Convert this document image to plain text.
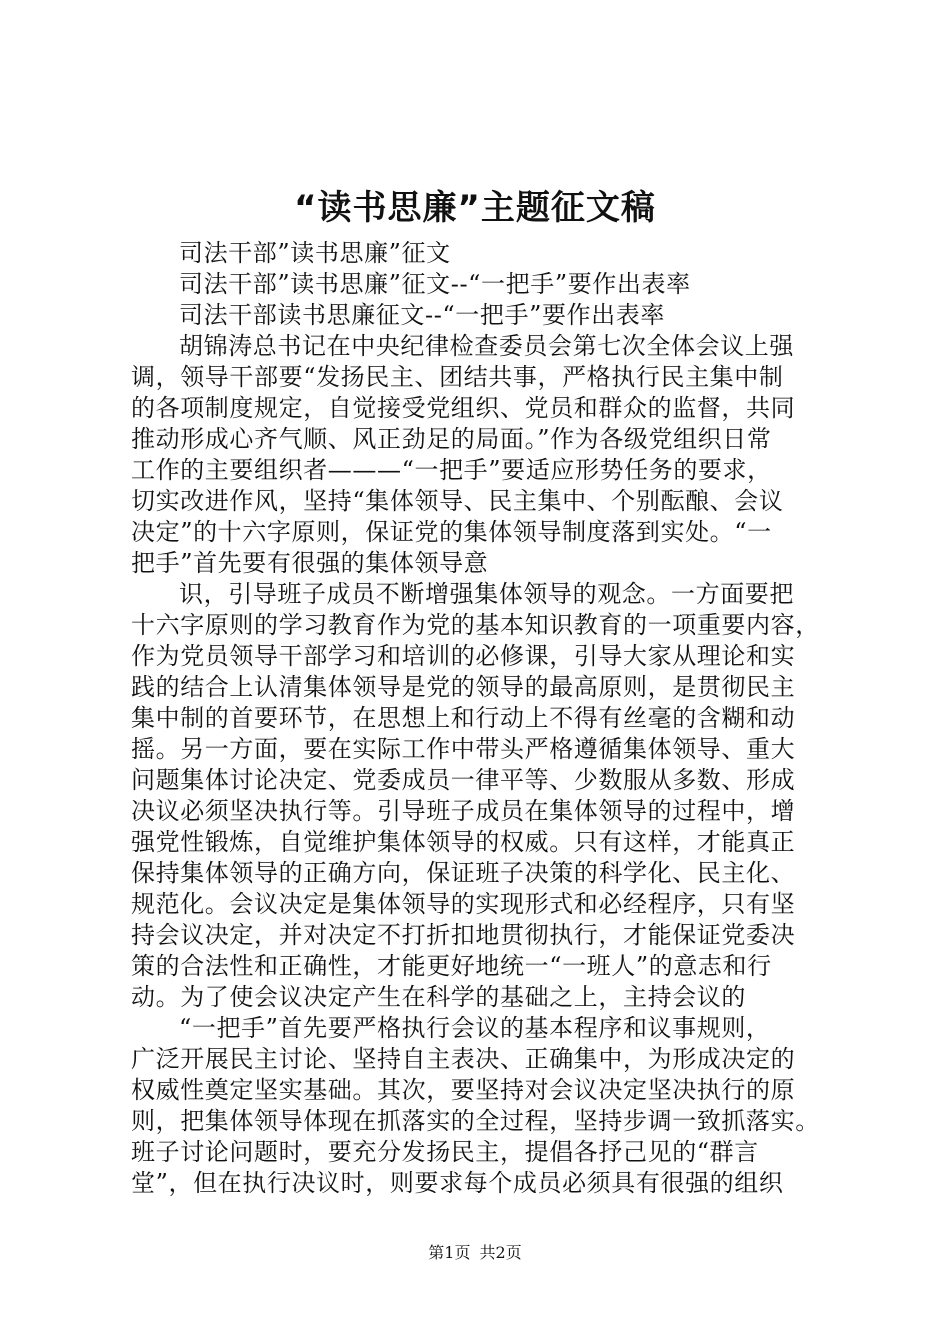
“读书思廉”主题征文稿
司法干部”读书思廉”征文
司法干部”读书思廉”征文--“一把手”要作出表率
司法干部读书思廉征文--“一把手”要作出表率
胡锦涛总书记在中央纪律检查委员会第七次全体会议上强
调，领导干部要“发扬民主、团结共事，严格执行民主集中制
的各项制度规定，自觉接受党组织、党员和群众的监督，共同
推动形成心齐气顺、风正劲足的局面。”作为各级党组织日常
工作的主要组织者———“一把手”要适应形势任务的要求，
切实改进作风，坚持“集体领导、民主集中、个别酝酿、会议
决定”的十六字原则，保证党的集体领导制度落到实处。“一
把手”首先要有很强的集体领导意
识，引导班子成员不断增强集体领导的观念。一方面要把
十六字原则的学习教育作为党的基本知识教育的一项重要内容，
作为党员领导干部学习和培训的必修课，引导大家从理论和实
践的结合上认清集体领导是党的领导的最高原则，是贯彻民主
集中制的首要环节，在思想上和行动上不得有丝毫的含糊和动
摇。另一方面，要在实际工作中带头严格遵循集体领导、重大
问题集体讨论决定、党委成员一律平等、少数服从多数、形成
决议必须坚决执行等。引导班子成员在集体领导的过程中，增
强党性锻炼，自觉维护集体领导的权威。只有这样，才能真正
保持集体领导的正确方向，保证班子决策的科学化、民主化、
规范化。会议决定是集体领导的实现形式和必经程序，只有坚
持会议决定，并对决定不打折扣地贯彻执行，才能保证党委决
策的合法性和正确性，才能更好地统一“一班人”的意志和行
动。为了使会议决定产生在科学的基础之上，主持会议的
“一把手”首先要严格执行会议的基本程序和议事规则，
广泛开展民主讨论、坚持自主表决、正确集中，为形成决定的
权威性奠定坚实基础。其次，要坚持对会议决定坚决执行的原
则，把集体领导体现在抓落实的全过程，坚持步调一致抓落实。
班子讨论问题时，要充分发扬民主，提倡各抒己见的“群言
堂”，但在执行决议时，则要求每个成员必须具有很强的组织
第1页 共2页
